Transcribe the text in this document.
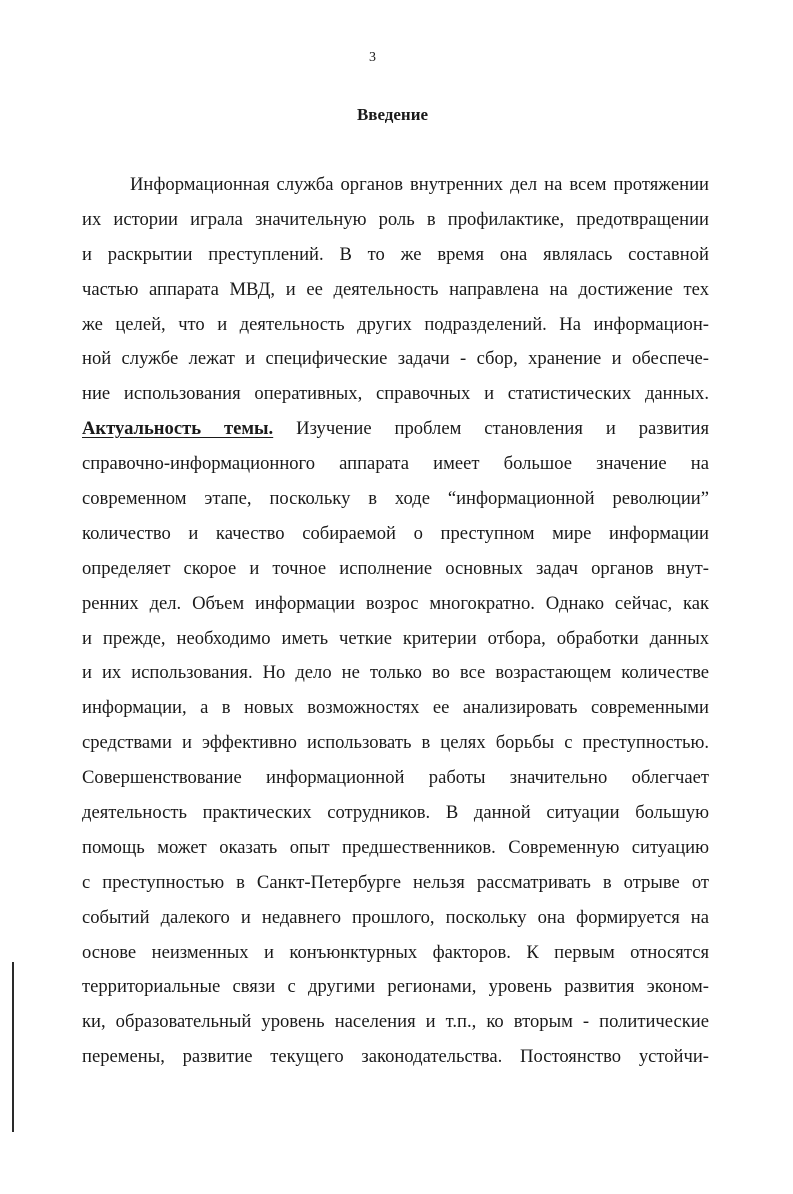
3
Введение
Информационная служба органов внутренних дел на всем протяжении
их истории играла значительную роль в профилактике, предотвращении
и раскрытии преступлений. В то же время она являлась составной
частью аппарата МВД, и ее деятельность направлена на достижение тех
же целей, что и деятельность других подразделений. На информацион-
ной службе лежат и специфические задачи - сбор, хранение и обеспече-
ние использования оперативных, справочных и статистических данных.
Актуальность темы. Изучение проблем становления и развития
справочно-информационного аппарата имеет большое значение на
современном этапе, поскольку в ходе “информационной революции”
количество и качество собираемой о преступном мире информации
определяет скорое и точное исполнение основных задач органов внут-
ренних дел. Объем информации возрос многократно. Однако сейчас, как
и прежде, необходимо иметь четкие критерии отбора, обработки данных
и их использования. Но дело не только во все возрастающем количестве
информации, а в новых возможностях ее анализировать современными
средствами и эффективно использовать в целях борьбы с преступностью.
Совершенствование информационной работы значительно облегчает
деятельность практических сотрудников. В данной ситуации большую
помощь может оказать опыт предшественников. Современную ситуацию
с преступностью в Санкт-Петербурге нельзя рассматривать в отрыве от
событий далекого и недавнего прошлого, поскольку она формируется на
основе неизменных и конъюнктурных факторов. К первым относятся
территориальные связи с другими регионами, уровень развития эконом-
ки, образовательный уровень населения и т.п., ко вторым - политические
перемены, развитие текущего законодательства. Постоянство устойчи-
